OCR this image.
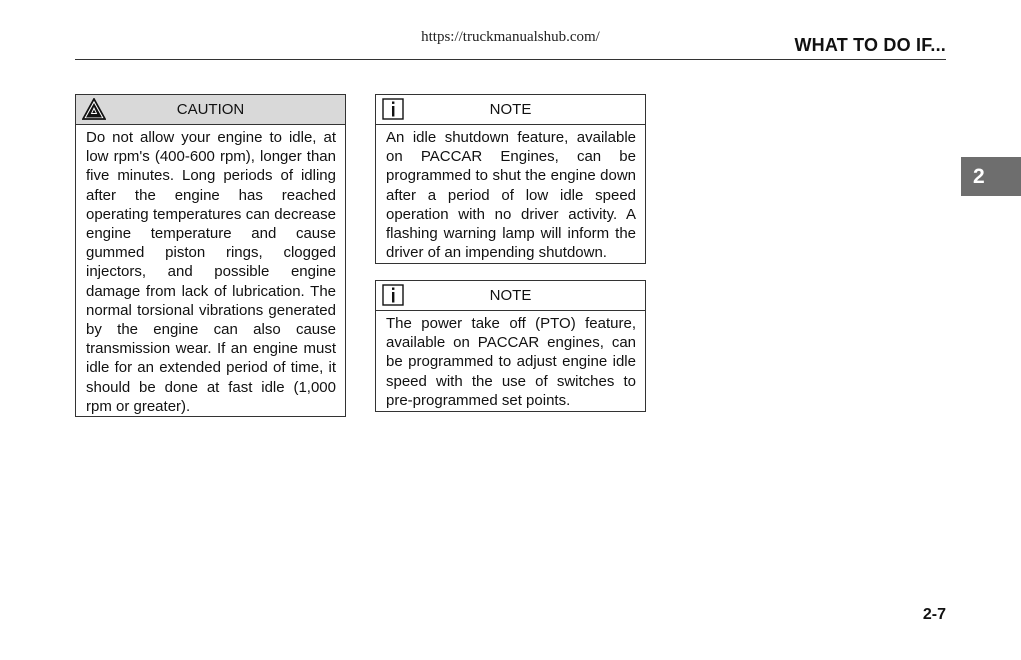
https://truckmanualshub.com/	WHAT TO DO IF...
CAUTION
Do not allow your engine to idle, at low rpm's (400-600 rpm), longer than five minutes. Long periods of idling after the engine has reached operating temperatures can decrease engine temperature and cause gummed piston rings, clogged injectors, and possible engine damage from lack of lubrication. The normal torsional vibrations generated by the engine can also cause transmission wear. If an engine must idle for an extended period of time, it should be done at fast idle (1,000 rpm or greater).
NOTE
An idle shutdown feature, available on PACCAR Engines, can be programmed to shut the engine down after a period of low idle speed operation with no driver activity. A flashing warning lamp will inform the driver of an impending shutdown.
NOTE
The power take off (PTO) feature, available on PACCAR engines, can be programmed to adjust engine idle speed with the use of switches to pre-programmed set points.
2
2-7
